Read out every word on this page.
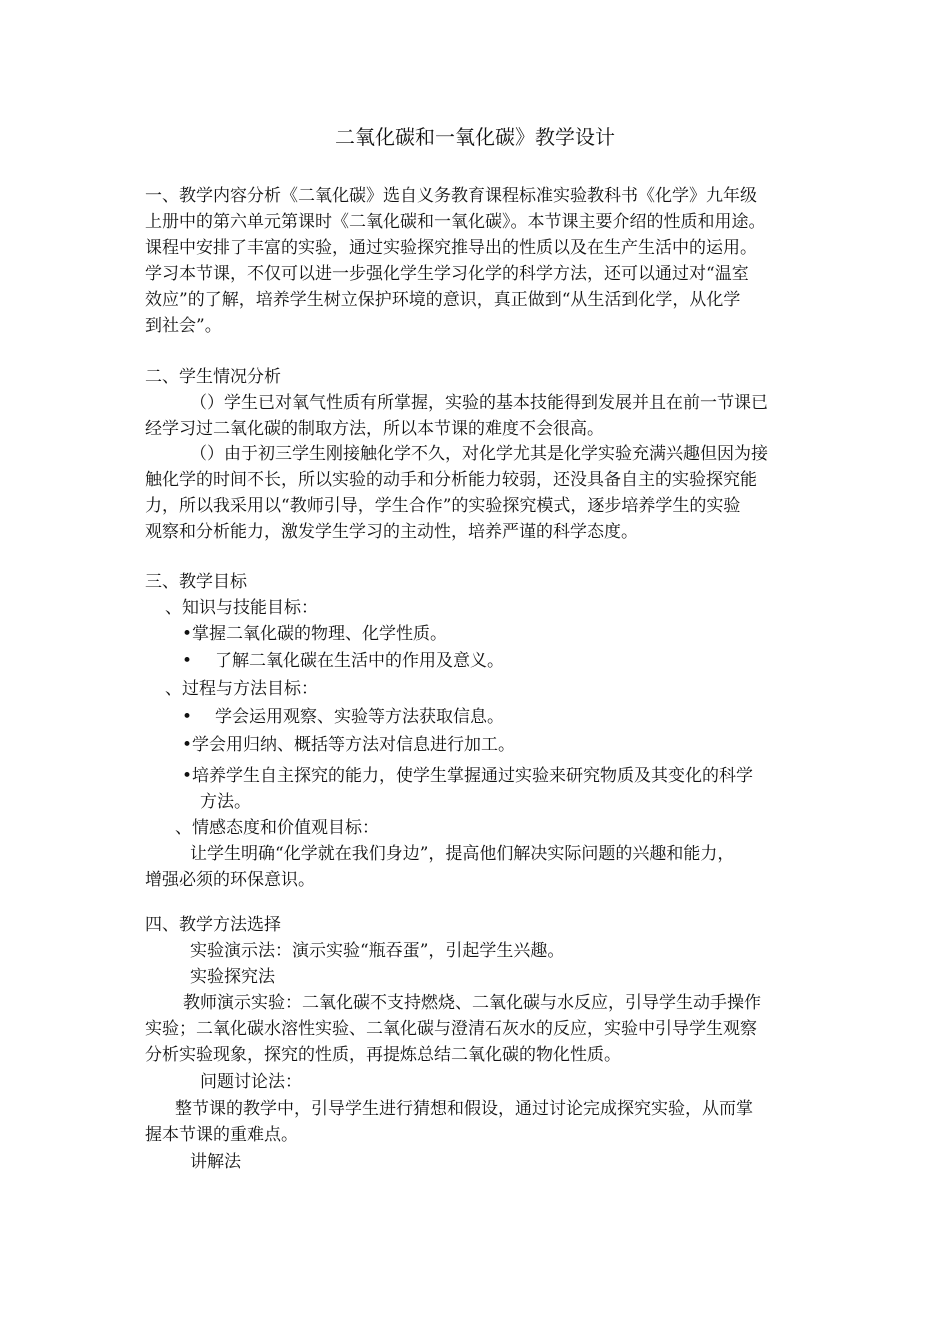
二氧化碳和一氧化碳》教学设计
一、教学内容分析《二氧化碳》选自义务教育课程标准实验教科书《化学》九年级
上册中的第六单元第课时《二氧化碳和一氧化碳》。本节课主要介绍的性质和用途。
课程中安排了丰富的实验，通过实验探究推导出的性质以及在生产生活中的运用。
学习本节课，不仅可以进一步强化学生学习化学的科学方法，还可以通过对“温室
效应”的了解，培养学生树立保护环境的意识，真正做到“从生活到化学，从化学
到社会”。
二、学生情况分析
（）学生已对氧气性质有所掌握，实验的基本技能得到发展并且在前一节课已
经学习过二氧化碳的制取方法，所以本节课的难度不会很高。
（）由于初三学生刚接触化学不久，对化学尤其是化学实验充满兴趣但因为接
触化学的时间不长，所以实验的动手和分析能力较弱，还没具备自主的实验探究能
力，所以我采用以“教师引导，学生合作”的实验探究模式，逐步培养学生的实验
观察和分析能力，激发学生学习的主动性，培养严谨的科学态度。
三、教学目标
、知识与技能目标：
•掌握二氧化碳的物理、化学性质。
• 了解二氧化碳在生活中的作用及意义。
、过程与方法目标：
• 学会运用观察、实验等方法获取信息。
•学会用归纳、概括等方法对信息进行加工。
•培养学生自主探究的能力，使学生掌握通过实验来研究物质及其变化的科学
方法。
、情感态度和价值观目标：
让学生明确“化学就在我们身边”，提高他们解决实际问题的兴趣和能力，
增强必须的环保意识。
四、教学方法选择
实验演示法：演示实验“瓶吞蛋”，引起学生兴趣。
实验探究法
教师演示实验：二氧化碳不支持燃烧、二氧化碳与水反应，引导学生动手操作
实验；二氧化碳水溶性实验、二氧化碳与澄清石灰水的反应，实验中引导学生观察
分析实验现象，探究的性质，再提炼总结二氧化碳的物化性质。
问题讨论法：
整节课的教学中，引导学生进行猜想和假设，通过讨论完成探究实验，从而掌
握本节课的重难点。
讲解法
